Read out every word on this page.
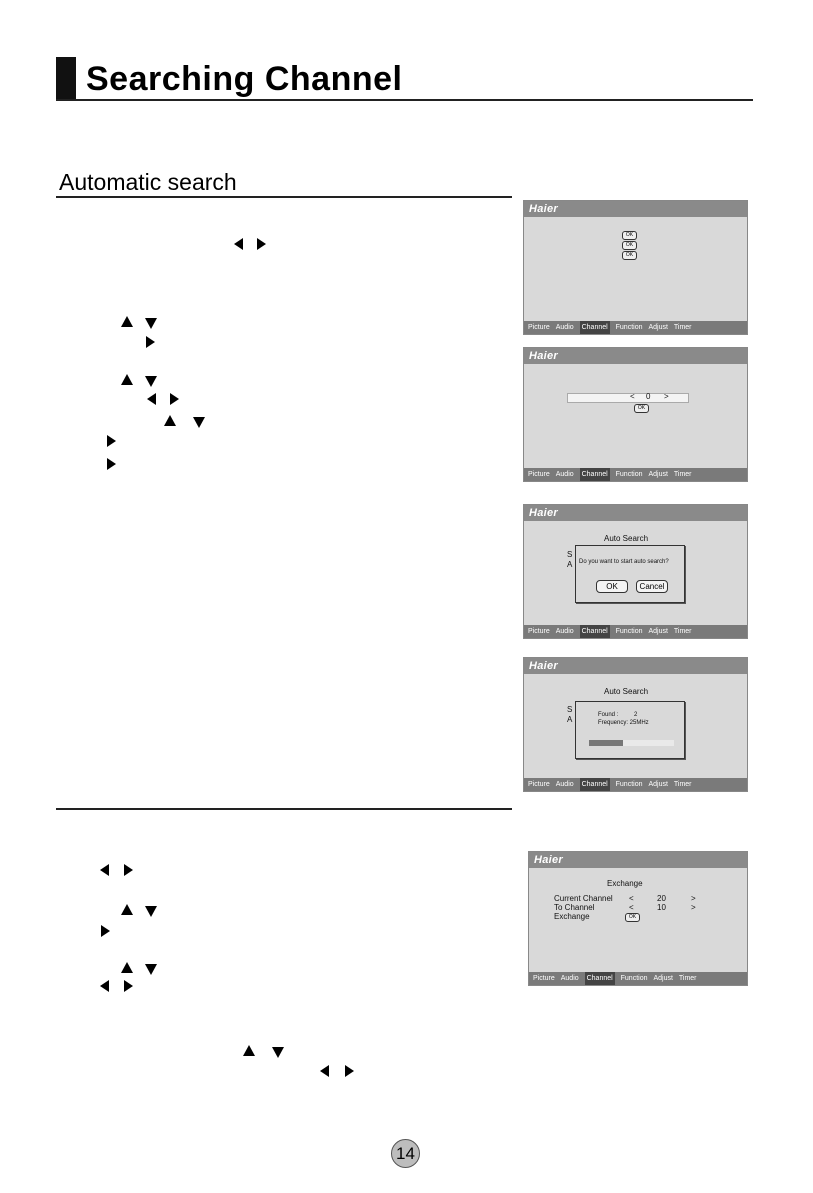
Searching Channel
Automatic search
Haier
OK
OK
OK
Picture Audio Channel Function Adjust Timer
Haier
< 0 >
OK
Picture Audio Channel Function Adjust Timer
Haier
Auto Search
S
A Do you want to start auto search?
OK	Cancel
Picture Audio Channel Function Adjust Timer
Haier
Auto Search
S
A	Found :	2
Frequency: 25MHz
Picture Audio Channel Function Adjust Timer
Haier
Exchange
Current Channel <	20	>
To Channel	<	10	>
Exchange	OK
Picture Audio Channel Function Adjust Timer
14
